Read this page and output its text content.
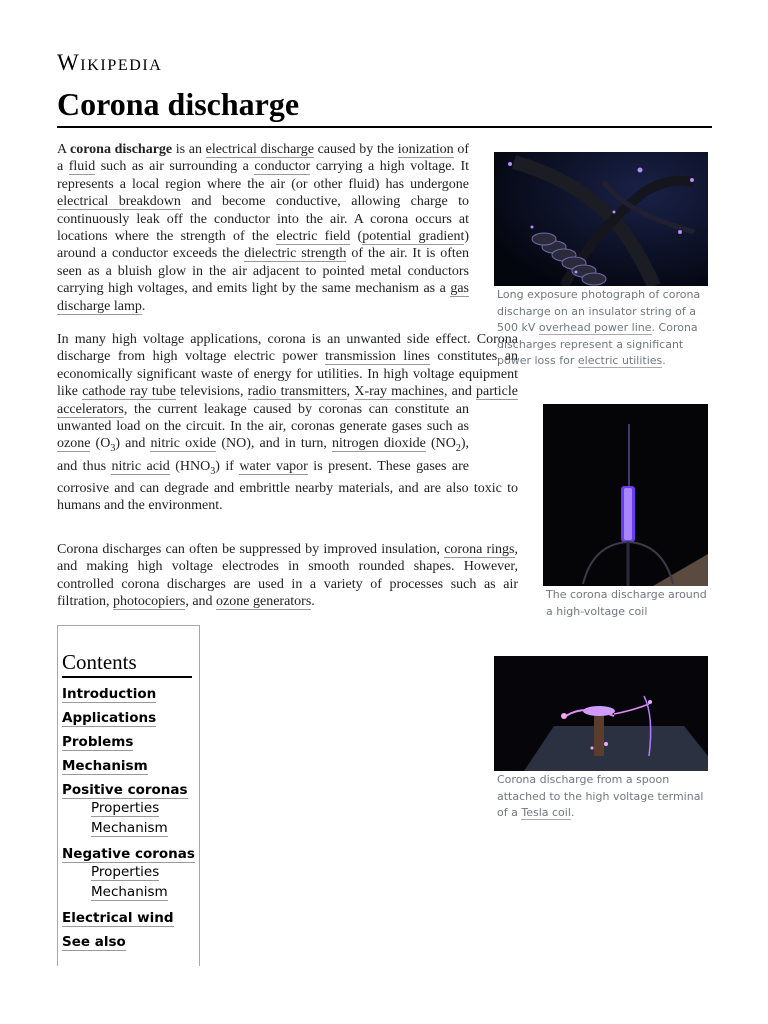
Wikipedia
Corona discharge

A corona discharge is an electrical discharge caused by the ionization of a fluid such as air surrounding a conductor carrying a high voltage. It represents a local region where the air (or other fluid) has undergone electrical breakdown and become conductive, allowing charge to continuously leak off the conductor into the air. A corona occurs at locations where the strength of the electric field (potential gradient) around a conductor exceeds the dielectric strength of the air. It is often seen as a bluish glow in the air adjacent to pointed metal conductors carrying high voltages, and emits light by the same mechanism as a gas discharge lamp.

In many high voltage applications, corona is an unwanted side effect. Corona discharge from high voltage electric power transmission lines constitutes an economically significant waste of energy for utilities. In high voltage equipment like cathode ray tube televisions, radio transmitters, X-ray machines, and particle accelerators, the current leakage caused by coronas can constitute an unwanted load on the circuit. In the air, coronas generate gases such as ozone $(O_3)$ and nitric oxide (NO), and in turn, nitrogen dioxide $(NO_2)$, and thus nitric acid $(HNO_3)$ if water vapor is present. These gases are corrosive and can degrade and embrittle nearby materials, and are also toxic to humans and the environment.

Corona discharges can often be suppressed by improved insulation, corona rings, and making high voltage electrodes in smooth rounded shapes. However, controlled corona discharges are used in a variety of processes such as air filtration, photocopiers, and ozone generators.

Long exposure photograph of corona discharge on an insulator string of a 500 kV overhead power line. Corona discharges represent a significant power loss for electric utilities.
The corona discharge around a high-voltage coil
Corona discharge from a spoon attached to the high voltage terminal of a Tesla coil.
Contents
Introduction
Applications
Problems
Mechanism
Positive coronas
Properties
Mechanism
Negative coronas
Properties
Mechanism
Electrical wind
See also
